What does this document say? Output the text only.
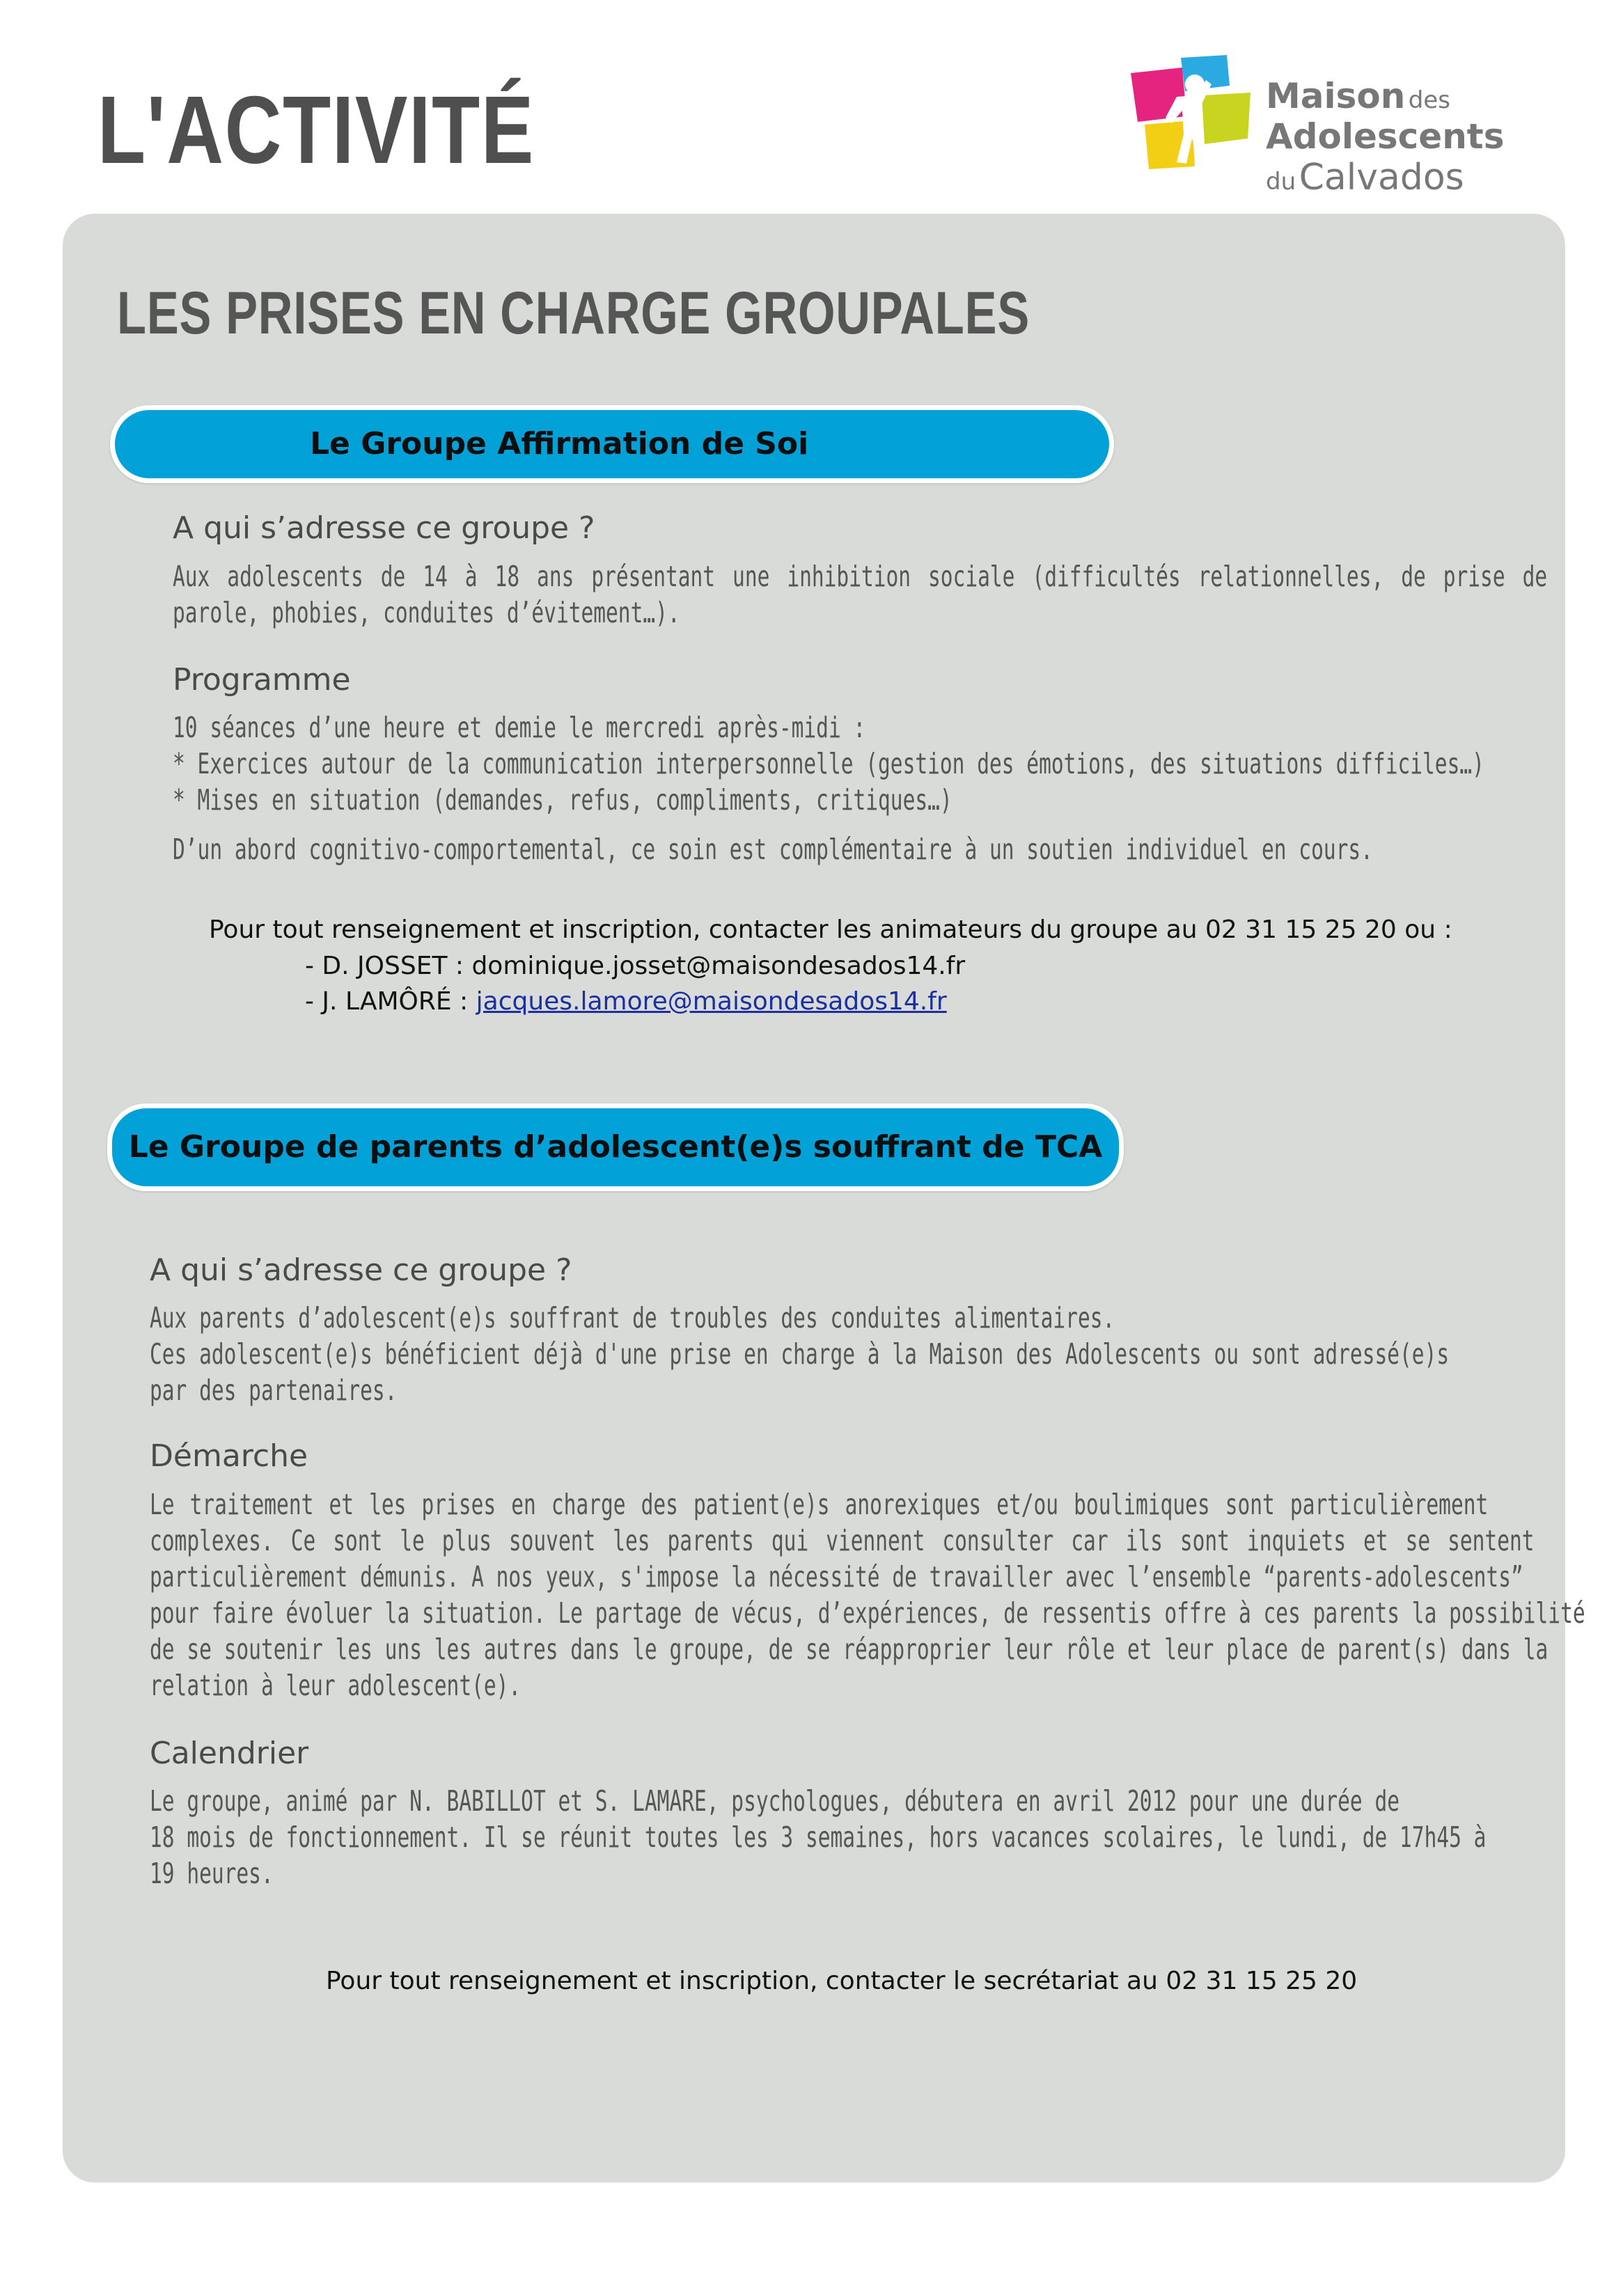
L'ACTIVITÉ	Maison des
Adolescents
du Calvados
LES PRISES EN CHARGE GROUPALES
Le Groupe Affirmation de Soi
A qui s’adresse ce groupe ?

Aux adolescents de 14 à 18 ans présentant une inhibition sociale (difficultés relationnelles, de prise de
parole, phobies, conduites d’évitement…).

Programme

10 séances d’une heure et demie le mercredi après-midi :
* Exercices autour de la communication interpersonnelle (gestion des émotions, des situations difficiles…)
* Mises en situation (demandes, refus, compliments, critiques…)

D’un abord cognitivo-comportemental, ce soin est complémentaire à un soutien individuel en cours.

Pour tout renseignement et inscription, contacter les animateurs du groupe au 02 31 15 25 20 ou :

- D. JOSSET : dominique.josset@maisondesados14.fr

- J. LAMÔRÉ : jacques.lamore@maisondesados14.fr

Le Groupe de parents d’adolescent(e)s souffrant de TCA
A qui s’adresse ce groupe ?

Aux parents d’adolescent(e)s souffrant de troubles des conduites alimentaires.
Ces adolescent(e)s bénéficient déjà d'une prise en charge à la Maison des Adolescents ou sont adressé(e)s
par des partenaires.

Démarche

Le traitement et les prises en charge des patient(e)s anorexiques et/ou boulimiques sont particulièrement
complexes. Ce sont le plus souvent les parents qui viennent consulter car ils sont inquiets et se sentent
particulièrement démunis. A nos yeux, s'impose la nécessité de travailler avec l’ensemble “parents-adolescents”
pour faire évoluer la situation. Le partage de vécus, d’expériences, de ressentis offre à ces parents la possibilité
de se soutenir les uns les autres dans le groupe, de se réapproprier leur rôle et leur place de parent(s) dans la
relation à leur adolescent(e).

Calendrier

Le groupe, animé par N. BABILLOT et S. LAMARE, psychologues, débutera en avril 2012 pour une durée de
18 mois de fonctionnement. Il se réunit toutes les 3 semaines, hors vacances scolaires, le lundi, de 17h45 à
19 heures.

Pour tout renseignement et inscription, contacter le secrétariat au 02 31 15 25 20
